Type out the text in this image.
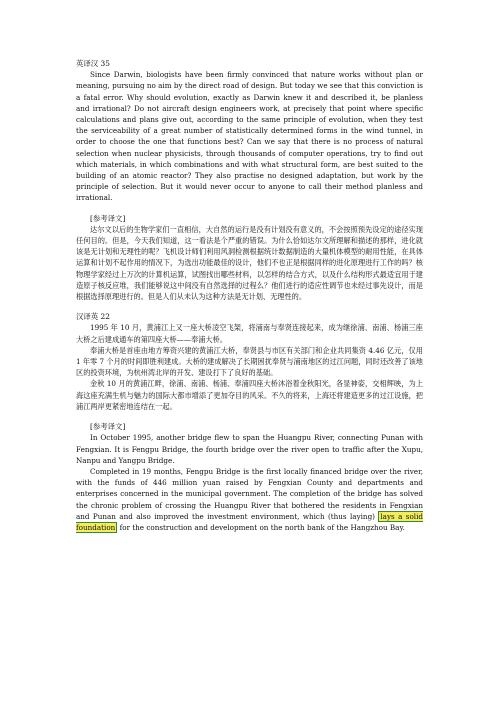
英译汉 35

Since Darwin, biologists have been firmly convinced that nature works without plan or meaning, pursuing no aim by the direct road of design. But today we see that this conviction is a fatal error. Why should evolution, exactly as Darwin knew it and described it, be planless and irrational? Do not aircraft design engineers work, at precisely that point where specific calculations and plans give out, according to the same principle of evolution, when they test the serviceability of a great number of statistically determined forms in the wind tunnel, in order to choose the one that functions best? Can we say that there is no process of natural selection when nuclear physicists, through thousands of computer operations, try to find out which materials, in which combinations and with what structural form, are best suited to the building of an atomic reactor? They also practise no designed adaptation, but work by the principle of selection. But it would never occur to anyone to call their method planless and irrational.

[参考译文]

达尔文以后的生物学家们一直相信，大自然的运行是没有计划没有意义的，不会按照预先设定的途径实现任何目的。但是，今天我们知道，这一看法是个严重的错误。为什么恰如达尔文所理解和描述的那样，进化就该是无计划和无理性的呢？飞机设计师们利用风洞检测根据统计数据制造的大量机体模型的耐用性能，在具体运算和计划不起作用的情况下，为选出功能最佳的设计，他们不也正是根据同样的进化原理进行工作的吗？核物理学家经过上万次的计算机运算，试图找出哪些材料，以怎样的结合方式，以及什么结构形式最适宜用于建造原子核反应堆，我们能够说这中间没有自然选择的过程么？他们进行的适应性调节也未经过事先设计，而是根据选择原理进行的。但是人们从未认为这种方法是无计划、无理性的。

汉译英 22

1995 年 10 月，黄浦江上又一座大桥凌空飞架，将浦南与奉贤连接起来，成为继徐浦、南浦、杨浦三座大桥之后建成通车的第四座大桥——奉浦大桥。

奉浦大桥是首座由地方筹资兴建的黄浦江大桥，奉贤县与市区有关部门和企业共同集资 4.46 亿元，仅用 1 年零 7 个月的时间即胜利建成。大桥的建成解决了长期困扰奉贤与浦南地区的过江问题，同时还改善了该地区的投资环境，为杭州湾北岸的开发、建设打下了良好的基础。

金秋 10 月的黄浦江畔，徐浦、南浦、杨浦、奉浦四座大桥沐浴着金秋阳光，各显神姿，交相辉映，为上海这座充满生机与魅力的国际大都市增添了更加夺目的风采。不久的将来，上海还将建造更多的过江设施，把浦江两岸更紧密地连结在一起。

[参考译文]

In October 1995, another bridge flew to span the Huangpu River, connecting Punan with Fengxian. It is Fengpu Bridge, the fourth bridge over the river open to traffic after the Xupu, Nanpu and Yangpu Bridge.

Completed in 19 months, Fengpu Bridge is the first locally financed bridge over the river, with the funds of 446 million yuan raised by Fengxian County and departments and enterprises concerned in the municipal government. The completion of the bridge has solved the chronic problem of crossing the Huangpu River that bothered the residents in Fengxian and Punan and also improved the investment environment, which (thus laying) lays a solid foundation for the construction and development on the north bank of the Hangzhou Bay.
